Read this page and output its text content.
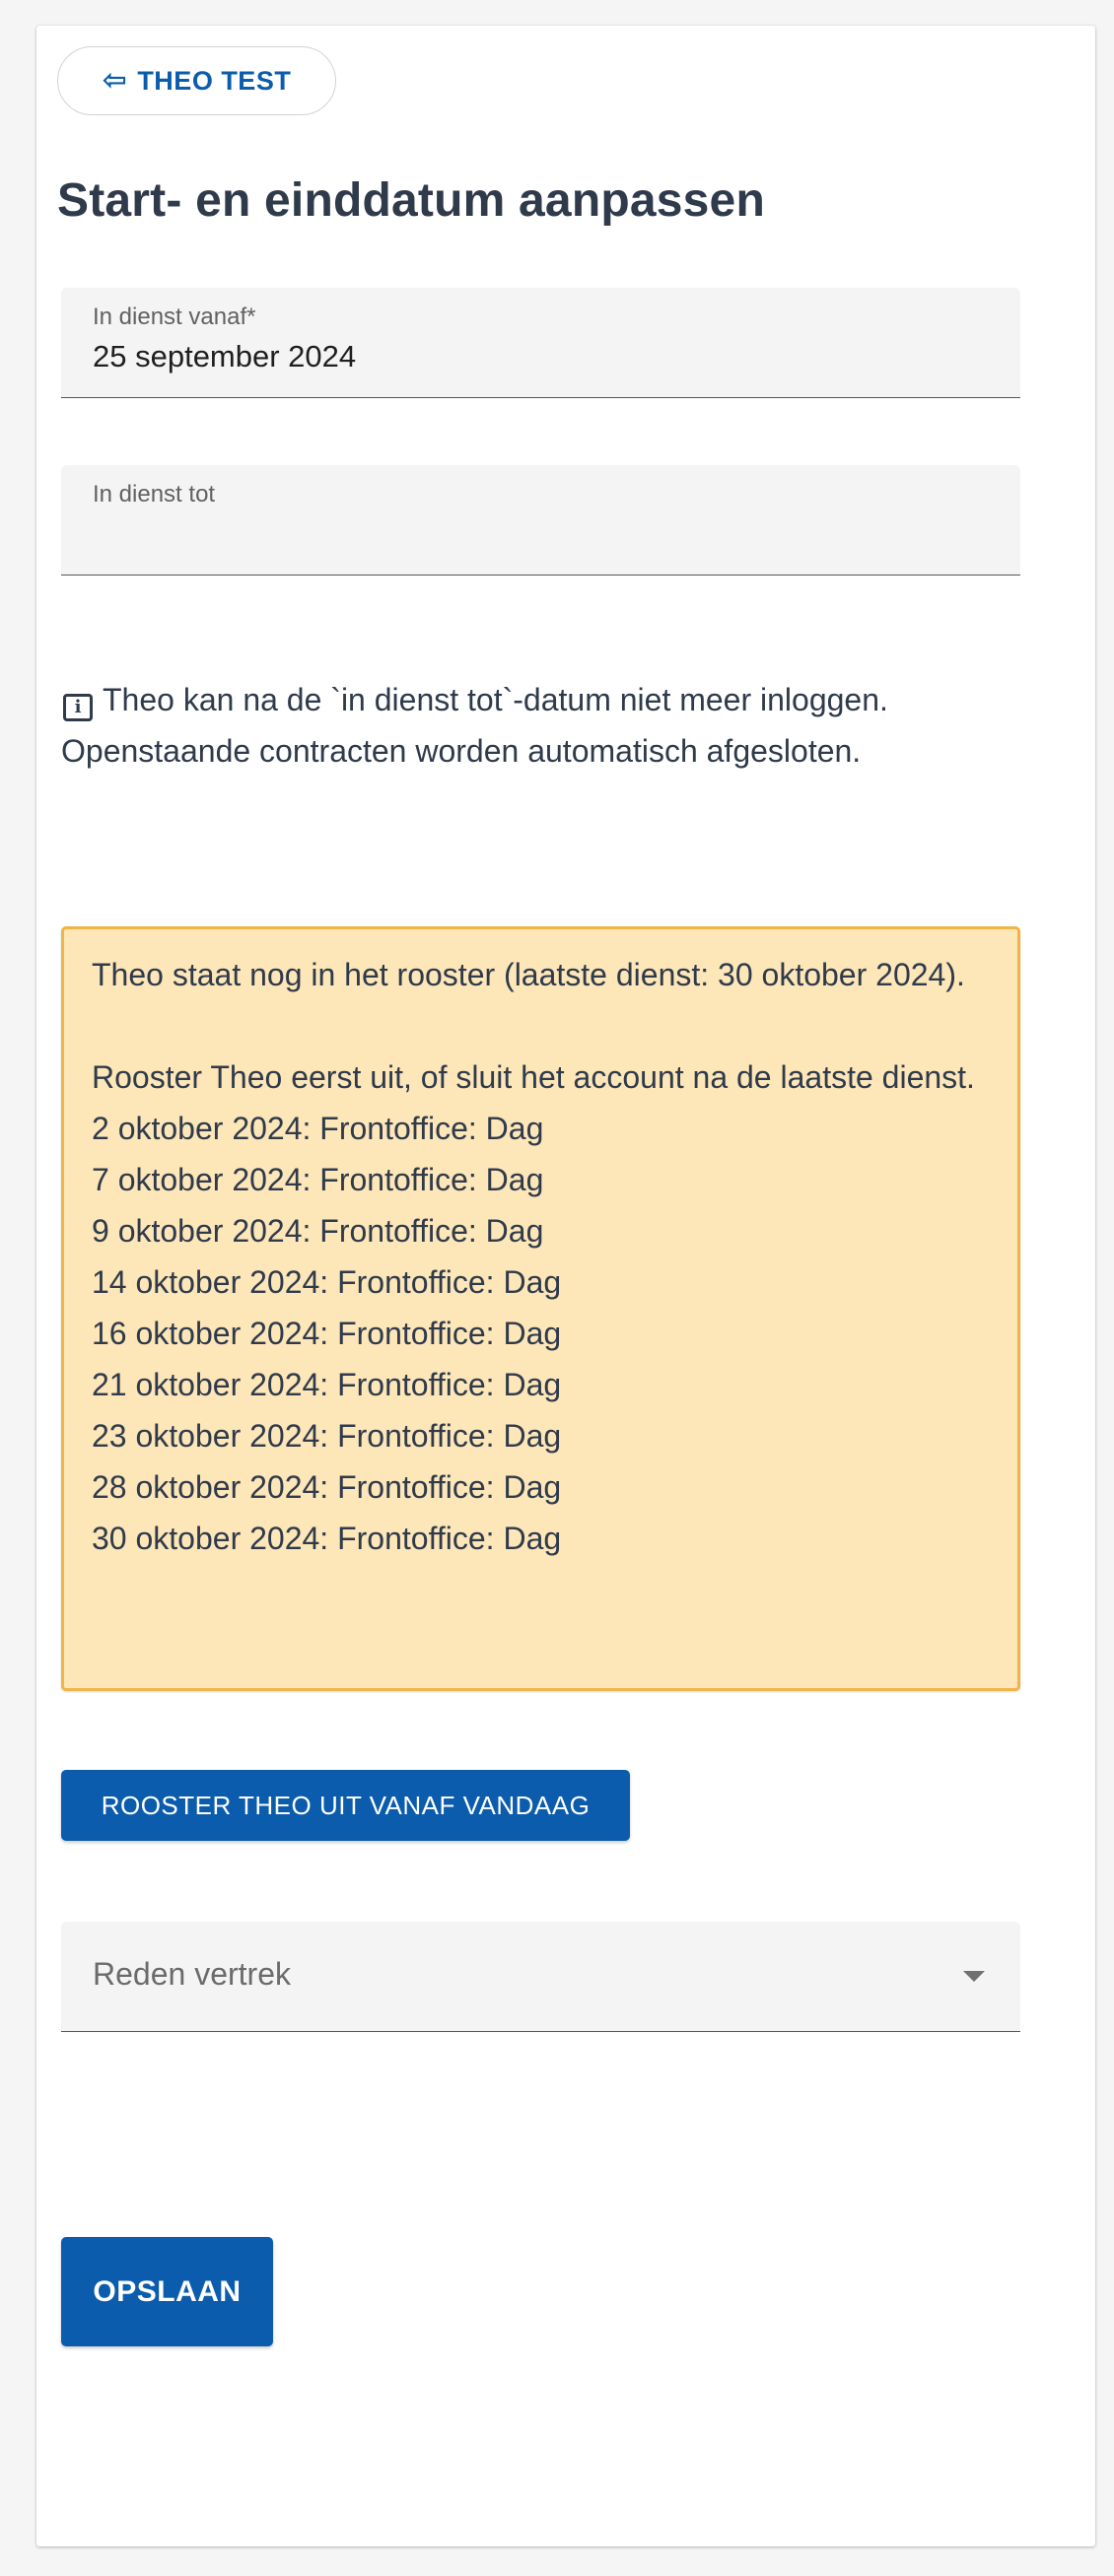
⇦ THEO TEST
Start- en einddatum aanpassen
In dienst vanaf*
25 september 2024
In dienst tot
i Theo kan na de `in dienst tot`-datum niet meer inloggen. Openstaande contracten worden automatisch afgesloten.
Theo staat nog in het rooster (laatste dienst: 30 oktober 2024).
Rooster Theo eerst uit, of sluit het account na de laatste dienst.
2 oktober 2024: Frontoffice: Dag
7 oktober 2024: Frontoffice: Dag
9 oktober 2024: Frontoffice: Dag
14 oktober 2024: Frontoffice: Dag
16 oktober 2024: Frontoffice: Dag
21 oktober 2024: Frontoffice: Dag
23 oktober 2024: Frontoffice: Dag
28 oktober 2024: Frontoffice: Dag
30 oktober 2024: Frontoffice: Dag
ROOSTER THEO UIT VANAF VANDAAG
Reden vertrek
OPSLAAN
